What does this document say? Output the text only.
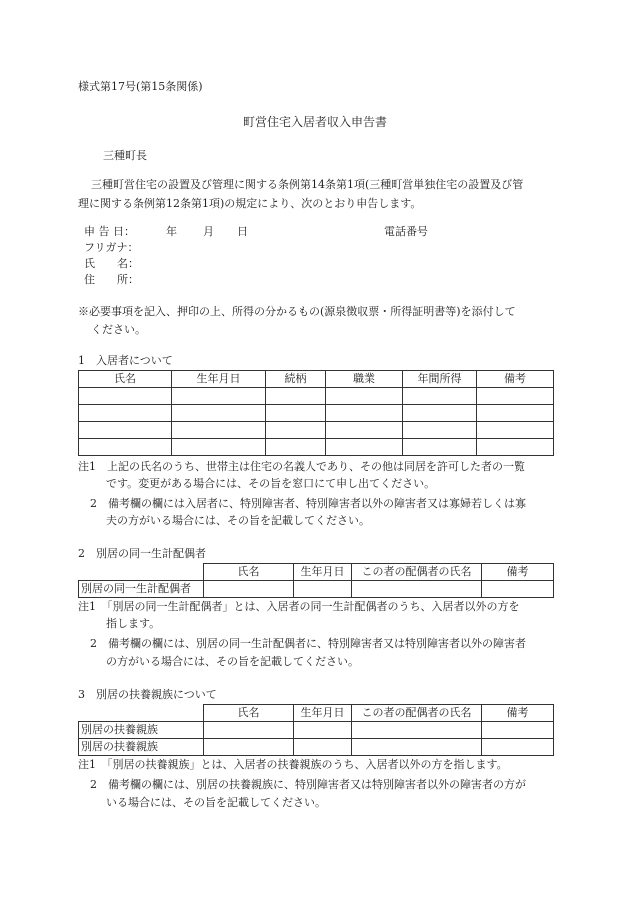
様式第17号(第15条関係)
町営住宅入居者収入申告書
三種町長
三種町営住宅の設置及び管理に関する条例第14条第1項(三種町営単独住宅の設置及び管
理に関する条例第12条第1項)の規定により、次のとおり申告します。
申 告 日：	年 月 日	電話番号
フリガナ：
氏　　名：
住　　所：
※必要事項を記入、押印の上、所得の分かるもの(源泉徴収票・所得証明書等)を添付して
ください。
1　入居者について
氏名	生年月日	続柄	職業	年間所得	備考

注1　上記の氏名のうち、世帯主は住宅の名義人であり、その他は同居を許可した者の一覧
です。変更がある場合には、その旨を窓口にて申し出てください。
2　備考欄の欄には入居者に、特別障害者、特別障害者以外の障害者又は寡婦若しくは寡
夫の方がいる場合には、その旨を記載してください。
2　別居の同一生計配偶者
	氏名	生年月日	この者の配偶者の氏名	備考
別居の同一生計配偶者				
注1　「別居の同一生計配偶者」とは、入居者の同一生計配偶者のうち、入居者以外の方を
指します。
2　備考欄の欄には、別居の同一生計配偶者に、特別障害者又は特別障害者以外の障害者
の方がいる場合には、その旨を記載してください。
3　別居の扶養親族について
	氏名	生年月日	この者の配偶者の氏名	備考
別居の扶養親族				
別居の扶養親族				
注1　「別居の扶養親族」とは、入居者の扶養親族のうち、入居者以外の方を指します。
2　備考欄の欄には、別居の扶養親族に、特別障害者又は特別障害者以外の障害者の方が
いる場合には、その旨を記載してください。
